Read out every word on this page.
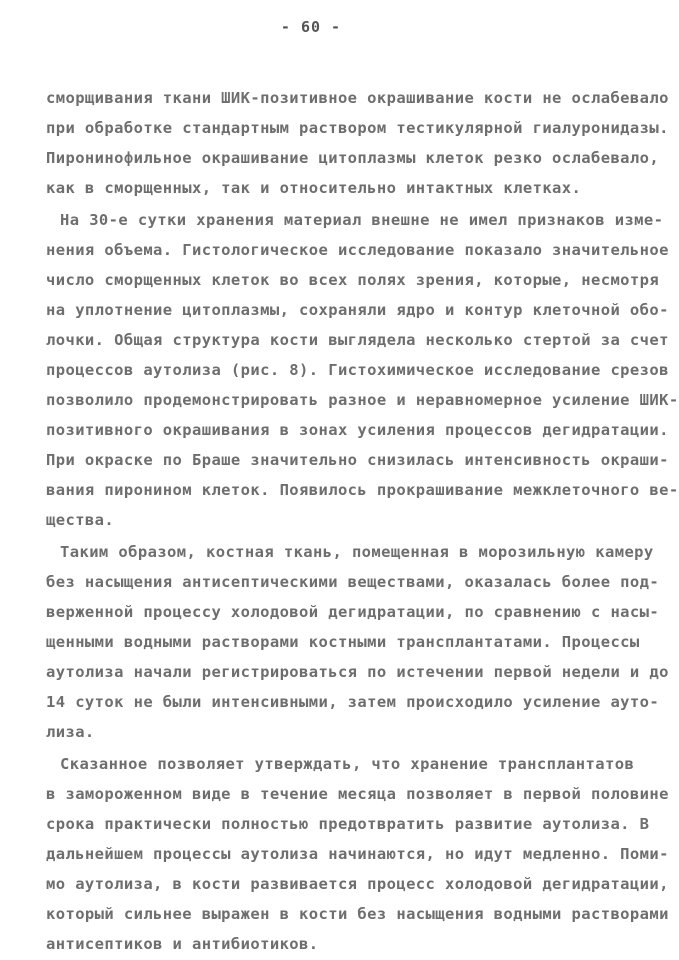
- 60 -
сморщивания ткани ШИК-позитивное окрашивание кости не ослабевало
при обработке стандартным раствором тестикулярной гиалуронидазы.
Пиронинофильное окрашивание цитоплазмы клеток резко ослабевало,
как в сморщенных, так и относительно интактных клетках.
На 30-е сутки хранения материал внешне не имел признаков изме-
нения объема. Гистологическое исследование показало значительное
число сморщенных клеток во всех полях зрения, которые, несмотря
на уплотнение цитоплазмы, сохраняли ядро и контур клеточной обо-
лочки. Общая структура кости выглядела несколько стертой за счет
процессов аутолиза (рис. 8). Гистохимическое исследование срезов
позволило продемонстрировать разное и неравномерное усиление ШИК-
позитивного окрашивания в зонах усиления процессов дегидратации.
При окраске по Браше значительно снизилась интенсивность окраши-
вания пиронином клеток. Появилось прокрашивание межклеточного ве-
щества.
Таким образом, костная ткань, помещенная в морозильную камеру
без насыщения антисептическими веществами, оказалась более под-
верженной процессу холодовой дегидратации, по сравнению с насы-
щенными водными растворами костными трансплантатами. Процессы
аутолиза начали регистрироваться по истечении первой недели и до
14 суток не были интенсивными, затем происходило усиление ауто-
лиза.
Сказанное позволяет утверждать, что хранение трансплантатов
в замороженном виде в течение месяца позволяет в первой половине
срока практически полностью предотвратить развитие аутолиза. В
дальнейшем процессы аутолиза начинаются, но идут медленно. Поми-
мо аутолиза, в кости развивается процесс холодовой дегидратации,
который сильнее выражен в кости без насыщения водными растворами
антисептиков и антибиотиков.
